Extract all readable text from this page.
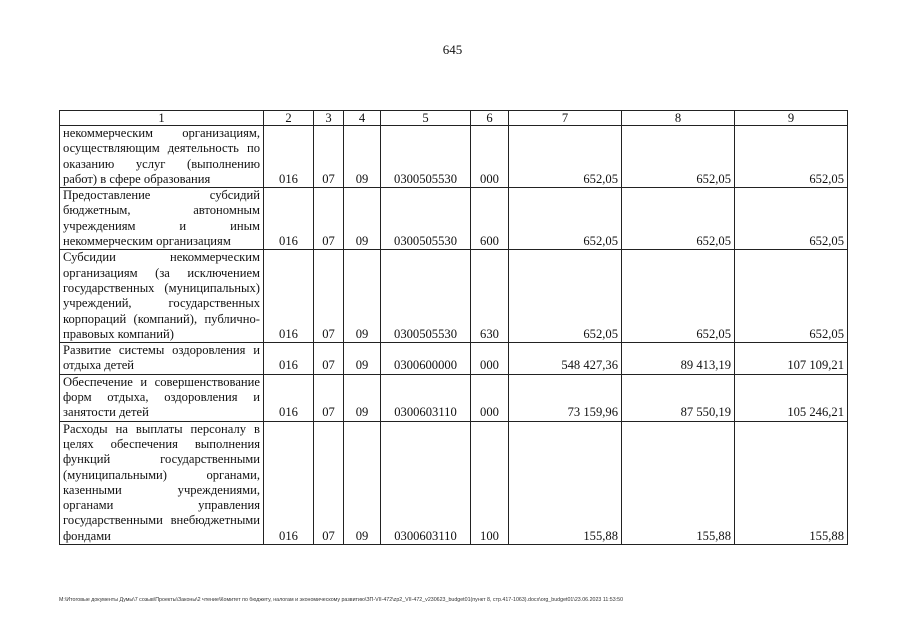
645
1	2	3	4	5	6	7	8	9
некоммерческим организациям, осуществляющим деятельность по оказанию услуг (выполнению работ) в сфере образования	016	07	09	0300505530	000	652,05	652,05	652,05
Предоставление субсидий бюджетным, автономным учреждениям и иным некоммерческим организациям	016	07	09	0300505530	600	652,05	652,05	652,05
Субсидии некоммерческим организациям (за исключением государственных (муниципальных) учреждений, государственных корпораций (компаний), публично-правовых компаний)	016	07	09	0300505530	630	652,05	652,05	652,05
Развитие системы оздоровления и отдыха детей	016	07	09	0300600000	000	548 427,36	89 413,19	107 109,21
Обеспечение и совершенствование форм отдыха, оздоровления и занятости детей	016	07	09	0300603110	000	73 159,96	87 550,19	105 246,21
Расходы на выплаты персоналу в целях обеспечения выполнения функций государственными (муниципальными) органами, казенными учреждениями, органами управления государственными внебюджетными фондами	016	07	09	0300603110	100	155,88	155,88	155,88
M:\Итоговые документы Думы\7 созыв\Проекты\Законы\2 чтение\Комитет по бюджету, налогам и экономическому развитию\ЗП-VII-472\zp2_VII-472_v230623_budget01(пункт 8, стр.417-1063).docx\org_budget01\23.06.2023 11:53:50
